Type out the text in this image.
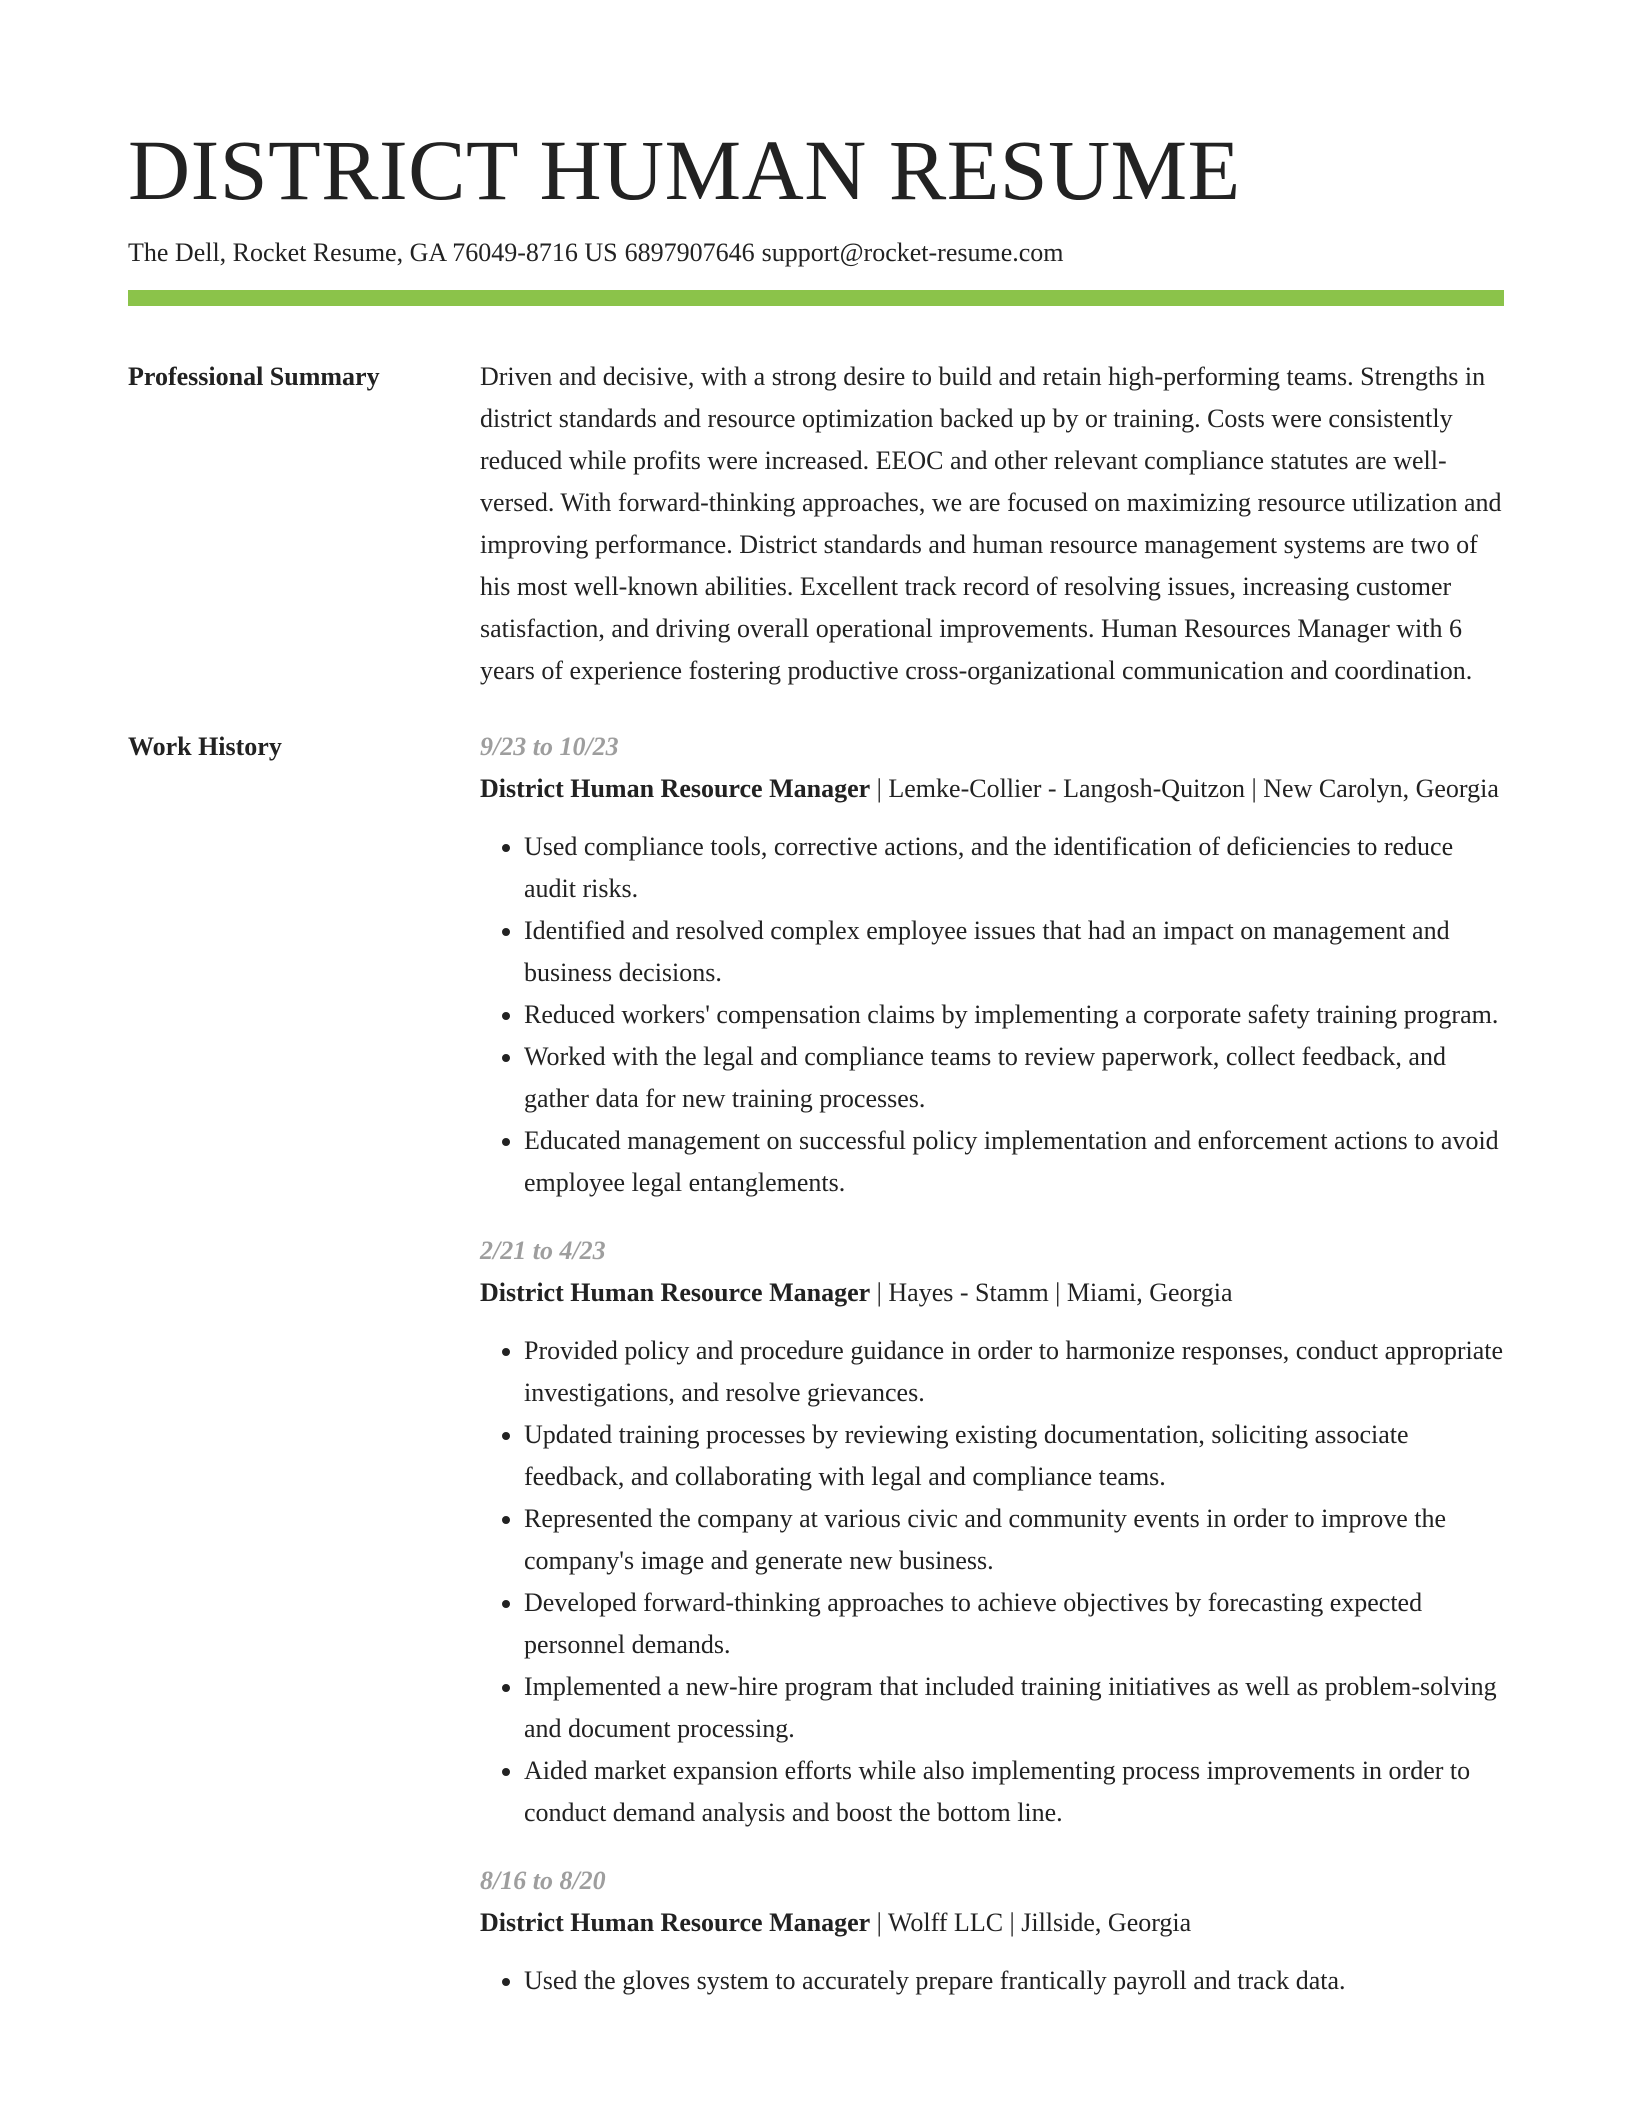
DISTRICT HUMAN RESUME
The Dell, Rocket Resume, GA 76049-8716 US 6897907646 support@rocket-resume.com
Professional Summary	Driven and decisive, with a strong desire to build and retain high-performing teams. Strengths in district standards and resource optimization backed up by or training. Costs were consistently reduced while profits were increased. EEOC and other relevant compliance statutes are well-versed. With forward-thinking approaches, we are focused on maximizing resource utilization and improving performance. District standards and human resource management systems are two of his most well-known abilities. Excellent track record of resolving issues, increasing customer satisfaction, and driving overall operational improvements. Human Resources Manager with 6 years of experience fostering productive cross-organizational communication and coordination.

Work History	9/23 to 10/23

District Human Resource Manager | Lemke-Collier - Langosh-Quitzon | New Carolyn, Georgia

• Used compliance tools, corrective actions, and the identification of deficiencies to reduce audit risks.
• Identified and resolved complex employee issues that had an impact on management and business decisions.
• Reduced workers' compensation claims by implementing a corporate safety training program.
• Worked with the legal and compliance teams to review paperwork, collect feedback, and gather data for new training processes.
• Educated management on successful policy implementation and enforcement actions to avoid employee legal entanglements.
2/21 to 4/23

District Human Resource Manager | Hayes - Stamm | Miami, Georgia

• Provided policy and procedure guidance in order to harmonize responses, conduct appropriate investigations, and resolve grievances.
• Updated training processes by reviewing existing documentation, soliciting associate feedback, and collaborating with legal and compliance teams.
• Represented the company at various civic and community events in order to improve the company's image and generate new business.
• Developed forward-thinking approaches to achieve objectives by forecasting expected personnel demands.
• Implemented a new-hire program that included training initiatives as well as problem-solving and document processing.
• Aided market expansion efforts while also implementing process improvements in order to conduct demand analysis and boost the bottom line.
8/16 to 8/20

District Human Resource Manager | Wolff LLC | Jillside, Georgia

• Used the gloves system to accurately prepare frantically payroll and track data.
